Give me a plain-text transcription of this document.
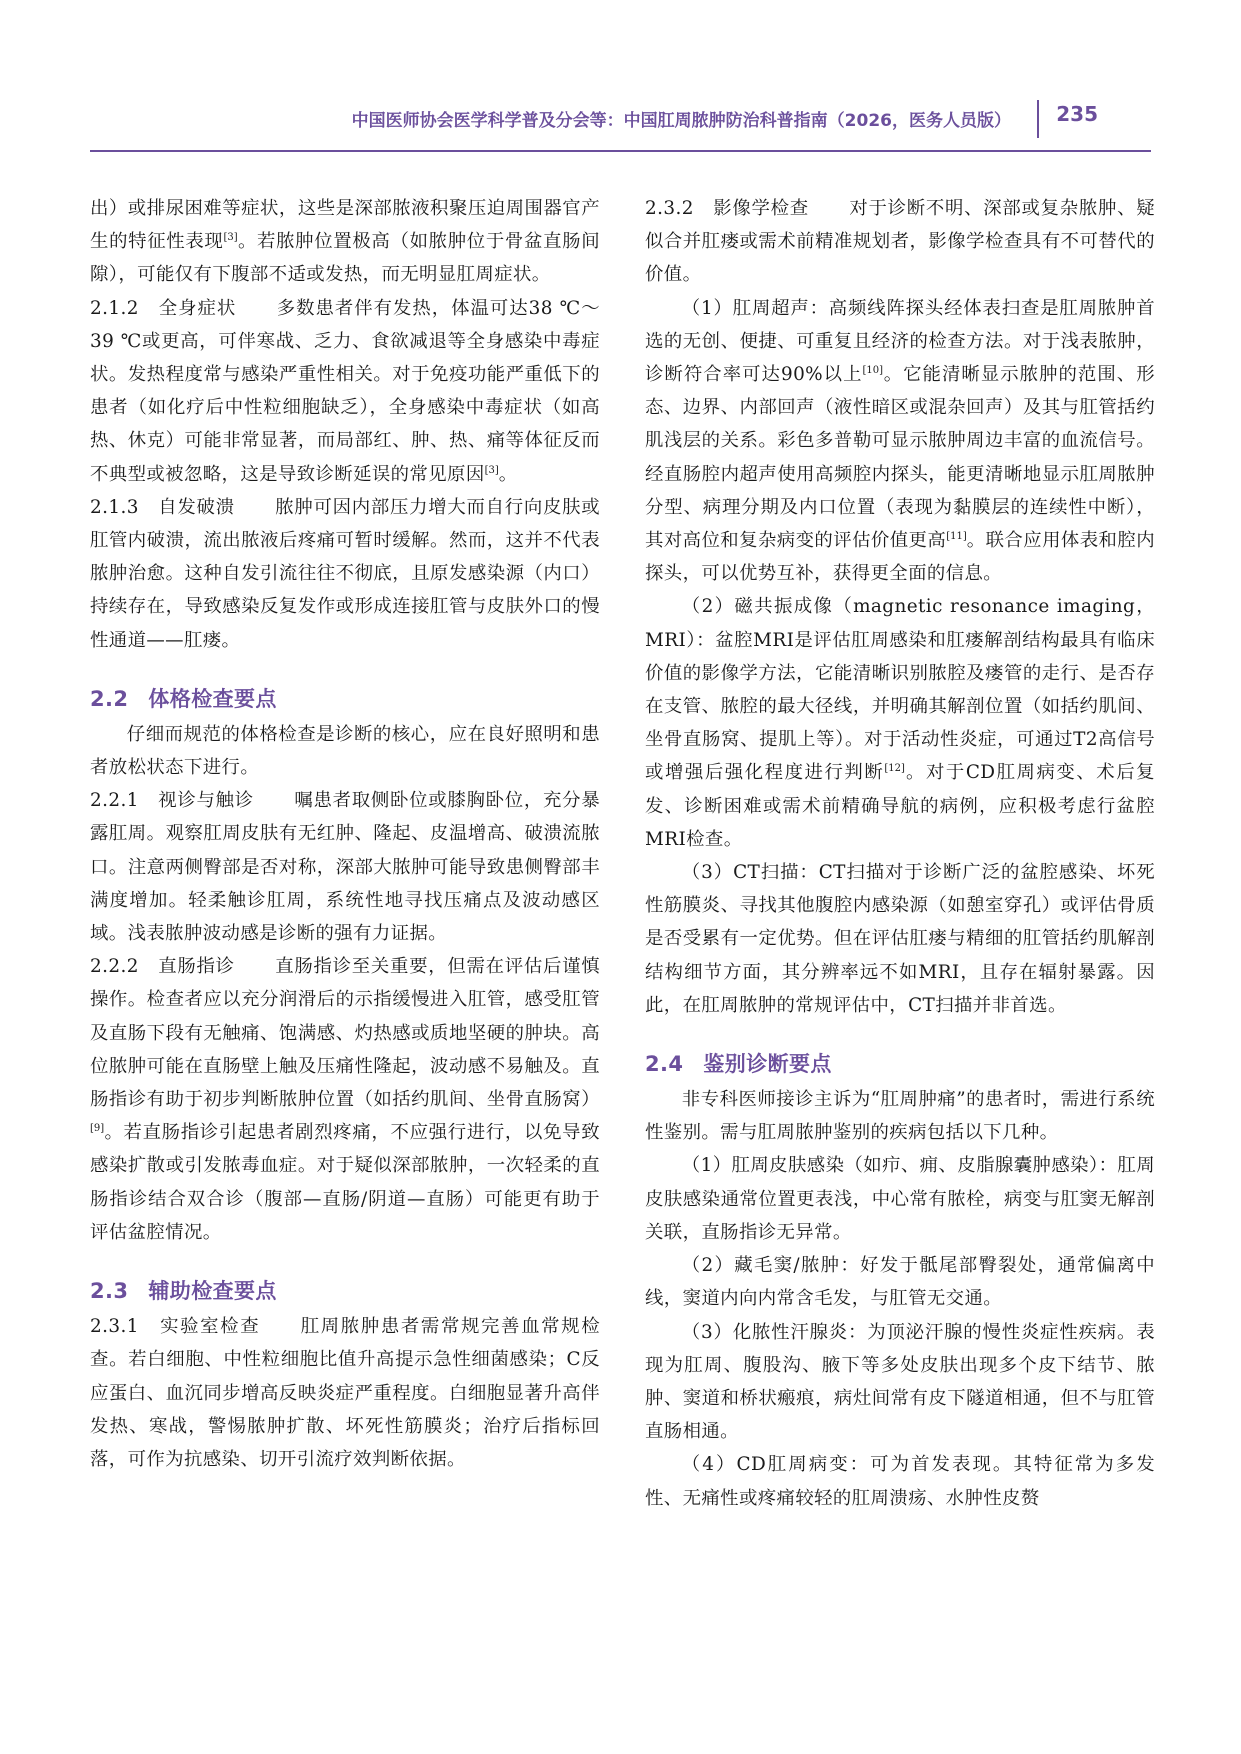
中国医师协会医学科学普及分会等：中国肛周脓肿防治科普指南（2026，医务人员版） 235

出）或排尿困难等症状，这些是深部脓液积聚压迫周围器官产生的特征性表现[3]。若脓肿位置极高（如脓肿位于骨盆直肠间隙），可能仅有下腹部不适或发热，而无明显肛周症状。

2.1.2　全身症状 多数患者伴有发热，体温可达38 ℃～39 ℃或更高，可伴寒战、乏力、食欲减退等全身感染中毒症状。发热程度常与感染严重性相关。对于免疫功能严重低下的患者（如化疗后中性粒细胞缺乏），全身感染中毒症状（如高热、休克）可能非常显著，而局部红、肿、热、痛等体征反而不典型或被忽略，这是导致诊断延误的常见原因[3]。

2.1.3　自发破溃 脓肿可因内部压力增大而自行向皮肤或肛管内破溃，流出脓液后疼痛可暂时缓解。然而，这并不代表脓肿治愈。这种自发引流往往不彻底，且原发感染源（内口）持续存在，导致感染反复发作或形成连接肛管与皮肤外口的慢性通道——肛瘘。

2.2 体格检查要点

仔细而规范的体格检查是诊断的核心，应在良好照明和患者放松状态下进行。

2.2.1　视诊与触诊 嘱患者取侧卧位或膝胸卧位，充分暴露肛周。观察肛周皮肤有无红肿、隆起、皮温增高、破溃流脓口。注意两侧臀部是否对称，深部大脓肿可能导致患侧臀部丰满度增加。轻柔触诊肛周，系统性地寻找压痛点及波动感区域。浅表脓肿波动感是诊断的强有力证据。

2.2.2　直肠指诊 直肠指诊至关重要，但需在评估后谨慎操作。检查者应以充分润滑后的示指缓慢进入肛管，感受肛管及直肠下段有无触痛、饱满感、灼热感或质地坚硬的肿块。高位脓肿可能在直肠壁上触及压痛性隆起，波动感不易触及。直肠指诊有助于初步判断脓肿位置（如括约肌间、坐骨直肠窝）[9]。若直肠指诊引起患者剧烈疼痛，不应强行进行，以免导致感染扩散或引发脓毒血症。对于疑似深部脓肿，一次轻柔的直肠指诊结合双合诊（腹部—直肠/阴道—直肠）可能更有助于评估盆腔情况。

2.3 辅助检查要点

2.3.1　实验室检查 肛周脓肿患者需常规完善血常规检查。若白细胞、中性粒细胞比值升高提示急性细菌感染；C反应蛋白、血沉同步增高反映炎症严重程度。白细胞显著升高伴发热、寒战，警惕脓肿扩散、坏死性筋膜炎；治疗后指标回落，可作为抗感染、切开引流疗效判断依据。

2.3.2　影像学检查 对于诊断不明、深部或复杂脓肿、疑似合并肛瘘或需术前精准规划者，影像学检查具有不可替代的价值。

（1）肛周超声：高频线阵探头经体表扫查是肛周脓肿首选的无创、便捷、可重复且经济的检查方法。对于浅表脓肿，诊断符合率可达90%以上[10]。它能清晰显示脓肿的范围、形态、边界、内部回声（液性暗区或混杂回声）及其与肛管括约肌浅层的关系。彩色多普勒可显示脓肿周边丰富的血流信号。经直肠腔内超声使用高频腔内探头，能更清晰地显示肛周脓肿分型、病理分期及内口位置（表现为黏膜层的连续性中断），其对高位和复杂病变的评估价值更高[11]。联合应用体表和腔内探头，可以优势互补，获得更全面的信息。

（2）磁共振成像（magnetic resonance imaging，MRI）：盆腔MRI是评估肛周感染和肛瘘解剖结构最具有临床价值的影像学方法，它能清晰识别脓腔及瘘管的走行、是否存在支管、脓腔的最大径线，并明确其解剖位置（如括约肌间、坐骨直肠窝、提肌上等）。对于活动性炎症，可通过T2高信号或增强后强化程度进行判断[12]。对于CD肛周病变、术后复发、诊断困难或需术前精确导航的病例，应积极考虑行盆腔MRI检查。

（3）CT扫描：CT扫描对于诊断广泛的盆腔感染、坏死性筋膜炎、寻找其他腹腔内感染源（如憩室穿孔）或评估骨质是否受累有一定优势。但在评估肛瘘与精细的肛管括约肌解剖结构细节方面，其分辨率远不如MRI，且存在辐射暴露。因此，在肛周脓肿的常规评估中，CT扫描并非首选。

2.4 鉴别诊断要点

非专科医师接诊主诉为“肛周肿痛”的患者时，需进行系统性鉴别。需与肛周脓肿鉴别的疾病包括以下几种。

（1）肛周皮肤感染（如疖、痈、皮脂腺囊肿感染）：肛周皮肤感染通常位置更表浅，中心常有脓栓，病变与肛窦无解剖关联，直肠指诊无异常。

（2）藏毛窦/脓肿：好发于骶尾部臀裂处，通常偏离中线，窦道内向内常含毛发，与肛管无交通。

（3）化脓性汗腺炎：为顶泌汗腺的慢性炎症性疾病。表现为肛周、腹股沟、腋下等多处皮肤出现多个皮下结节、脓肿、窦道和桥状瘢痕，病灶间常有皮下隧道相通，但不与肛管直肠相通。

（4）CD肛周病变：可为首发表现。其特征常为多发性、无痛性或疼痛较轻的肛周溃疡、水肿性皮赘
